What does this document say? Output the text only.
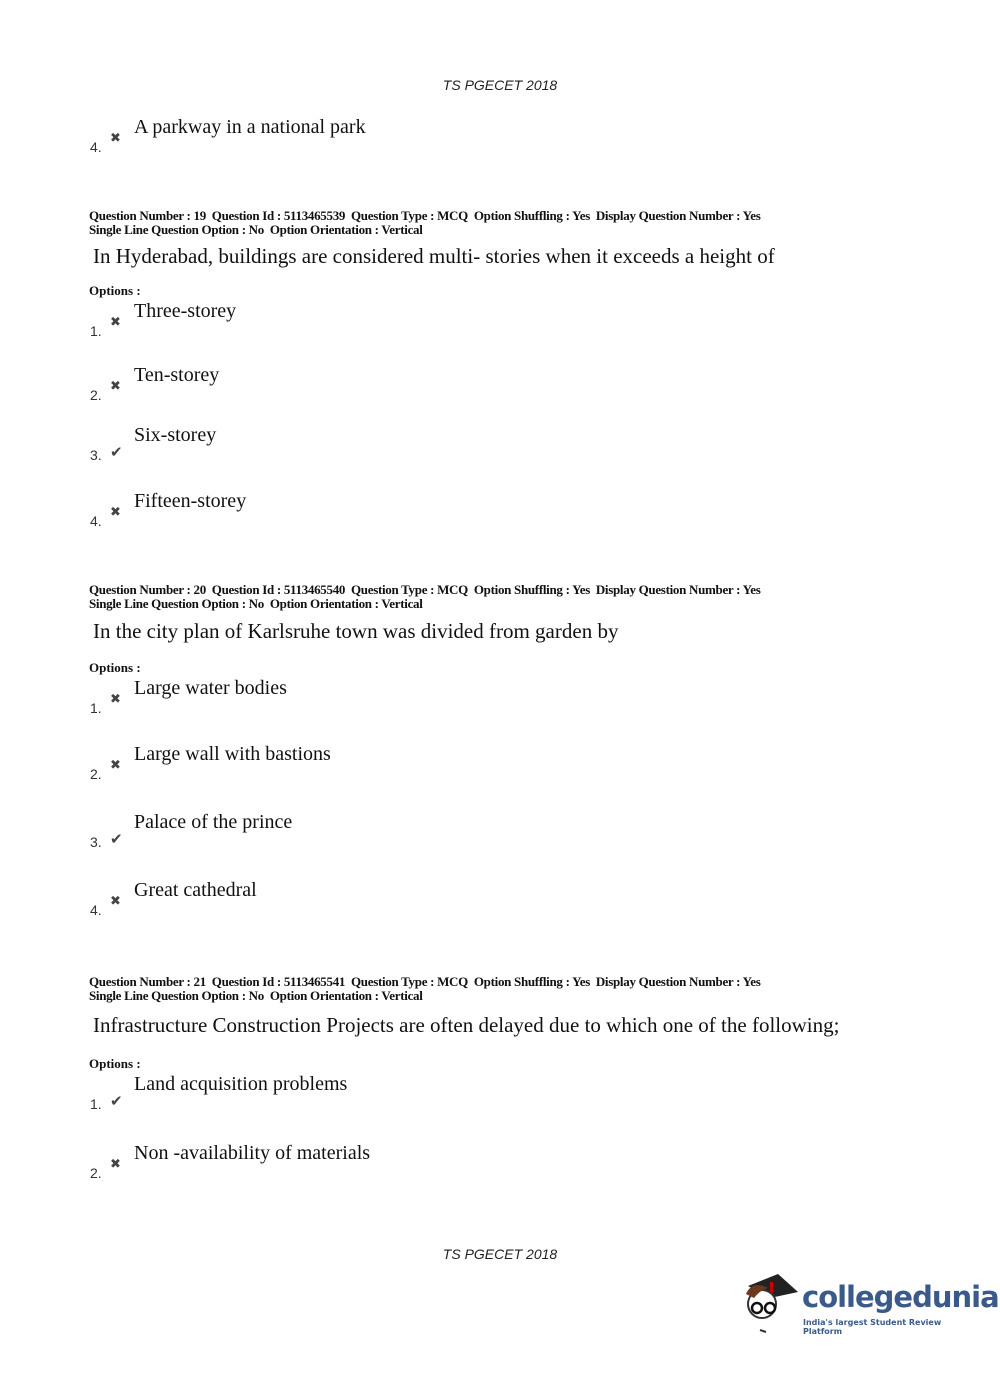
TS PGECET 2018
4.
✖
A parkway in a national park
Question Number : 19  Question Id : 5113465539  Question Type : MCQ  Option Shuffling : Yes  Display Question Number : Yes
Single Line Question Option : No  Option Orientation : Vertical
In Hyderabad, buildings are considered multi- stories when it exceeds a height of
Options :
1.
✖
Three-storey
2.
✖
Ten-storey
3. ✔
Six-storey
4.
✖
Fifteen-storey
Question Number : 20  Question Id : 5113465540  Question Type : MCQ  Option Shuffling : Yes  Display Question Number : Yes
Single Line Question Option : No  Option Orientation : Vertical
In the city plan of Karlsruhe town was divided from garden by
Options :
1.
✖
Large water bodies
2.
✖
Large wall with bastions
3. ✔
Palace of the prince
4.
✖
Great cathedral
Question Number : 21  Question Id : 5113465541  Question Type : MCQ  Option Shuffling : Yes  Display Question Number : Yes
Single Line Question Option : No  Option Orientation : Vertical
Infrastructure Construction Projects are often delayed due to which one of the following;
Options :
1. ✔
Land acquisition problems
2.
✖
Non -availability of materials
TS PGECET 2018
collegedunia
India's largest Student Review Platform
